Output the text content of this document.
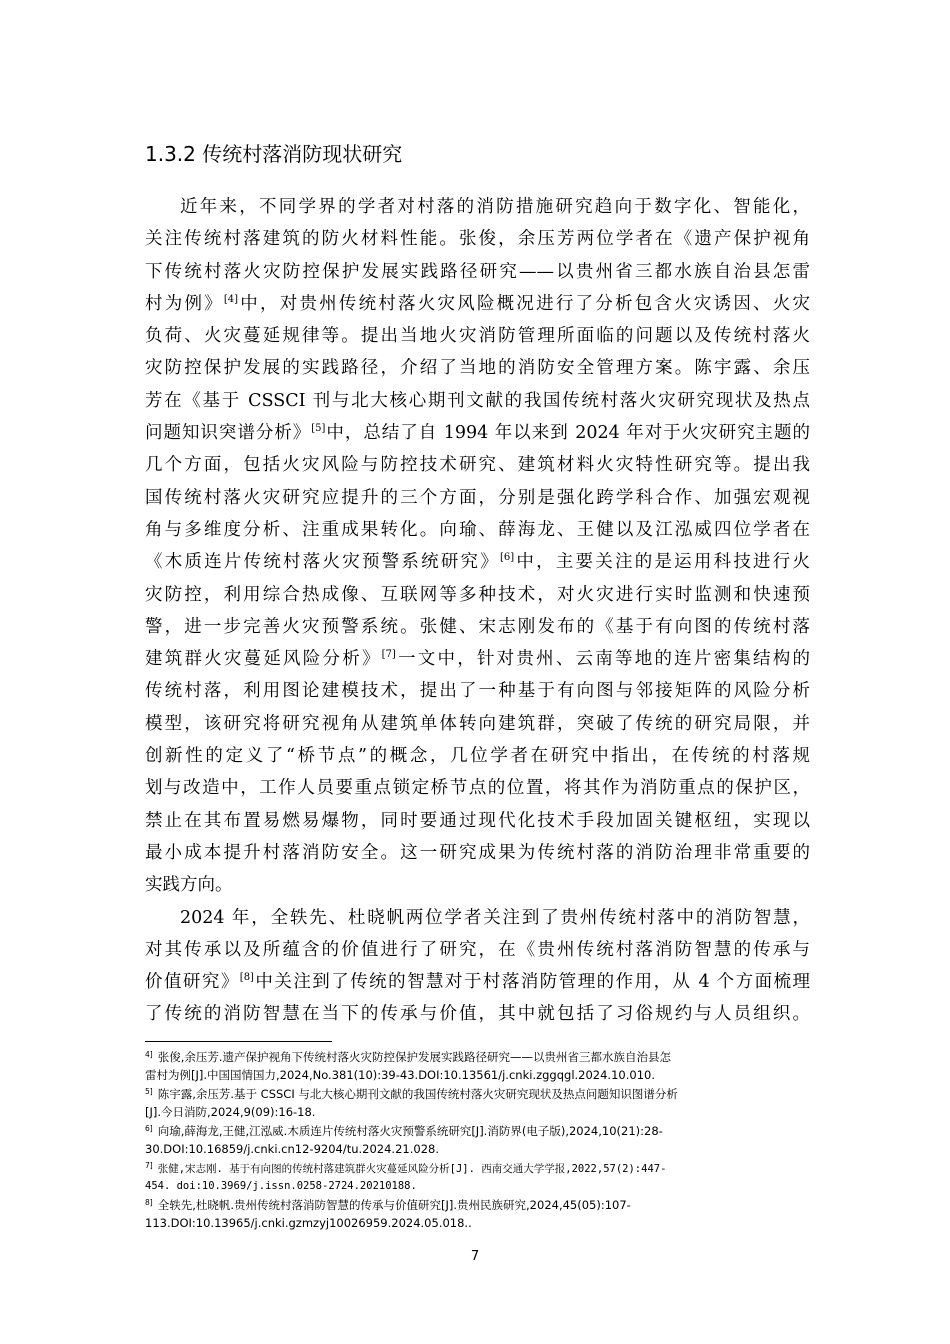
1.3.2 传统村落消防现状研究
近年来，不同学界的学者对村落的消防措施研究趋向于数字化、智能化，
关注传统村落建筑的防火材料性能。张俊，余压芳两位学者在《遗产保护视角
下传统村落火灾防控保护发展实践路径研究——以贵州省三都水族自治县怎雷
村为例》[4]中，对贵州传统村落火灾风险概况进行了分析包含火灾诱因、火灾
负荷、火灾蔓延规律等。提出当地火灾消防管理所面临的问题以及传统村落火
灾防控保护发展的实践路径，介绍了当地的消防安全管理方案。陈宇露、余压
芳在《基于 CSSCI 刊与北大核心期刊文献的我国传统村落火灾研究现状及热点
问题知识突谱分析》[5]中，总结了自 1994 年以来到 2024 年对于火灾研究主题的
几个方面，包括火灾风险与防控技术研究、建筑材料火灾特性研究等。提出我
国传统村落火灾研究应提升的三个方面，分别是强化跨学科合作、加强宏观视
角与多维度分析、注重成果转化。向瑜、薛海龙、王健以及江泓威四位学者在
《木质连片传统村落火灾预警系统研究》[6]中，主要关注的是运用科技进行火
灾防控，利用综合热成像、互联网等多种技术，对火灾进行实时监测和快速预
警，进一步完善火灾预警系统。张健、宋志刚发布的《基于有向图的传统村落
建筑群火灾蔓延风险分析》[7]一文中，针对贵州、云南等地的连片密集结构的
传统村落，利用图论建模技术，提出了一种基于有向图与邻接矩阵的风险分析
模型，该研究将研究视角从建筑单体转向建筑群，突破了传统的研究局限，并
创新性的定义了“桥节点”的概念，几位学者在研究中指出，在传统的村落规
划与改造中，工作人员要重点锁定桥节点的位置，将其作为消防重点的保护区，
禁止在其布置易燃易爆物，同时要通过现代化技术手段加固关键枢纽，实现以
最小成本提升村落消防安全。这一研究成果为传统村落的消防治理非常重要的
实践方向。
2024 年，全轶先、杜晓帆两位学者关注到了贵州传统村落中的消防智慧，
对其传承以及所蕴含的价值进行了研究，在《贵州传统村落消防智慧的传承与
价值研究》[8]中关注到了传统的智慧对于村落消防管理的作用，从 4 个方面梳理
了传统的消防智慧在当下的传承与价值，其中就包括了习俗规约与人员组织。
$^{4]}$ 张俊,余压芳.遗产保护视角下传统村落火灾防控保护发展实践路径研究——以贵州省三都水族自治县怎
雷村为例[J].中国国情国力,2024,No.381(10):39-43.DOI:10.13561/j.cnki.zggqgl.2024.10.010.
$^{5]}$ 陈宇露,余压芳.基于 CSSCI 与北大核心期刊文献的我国传统村落火灾研究现状及热点问题知识图谱分析
[J].今日消防,2024,9(09):16-18.
$^{6]}$ 向瑜,薛海龙,王健,江泓威.木质连片传统村落火灾预警系统研究[J].消防界(电子版),2024,10(21):28-
30.DOI:10.16859/j.cnki.cn12-9204/tu.2024.21.028.
$^{7]}$ 张健,宋志刚. 基于有向图的传统村落建筑群火灾蔓延风险分析[J]. 西南交通大学学报,2022,57(2):447-
454. doi:10.3969/j.issn.0258-2724.20210188.
$^{8]}$ 全轶先,杜晓帆.贵州传统村落消防智慧的传承与价值研究[J].贵州民族研究,2024,45(05):107-
113.DOI:10.13965/j.cnki.gzmzyj10026959.2024.05.018..
7
